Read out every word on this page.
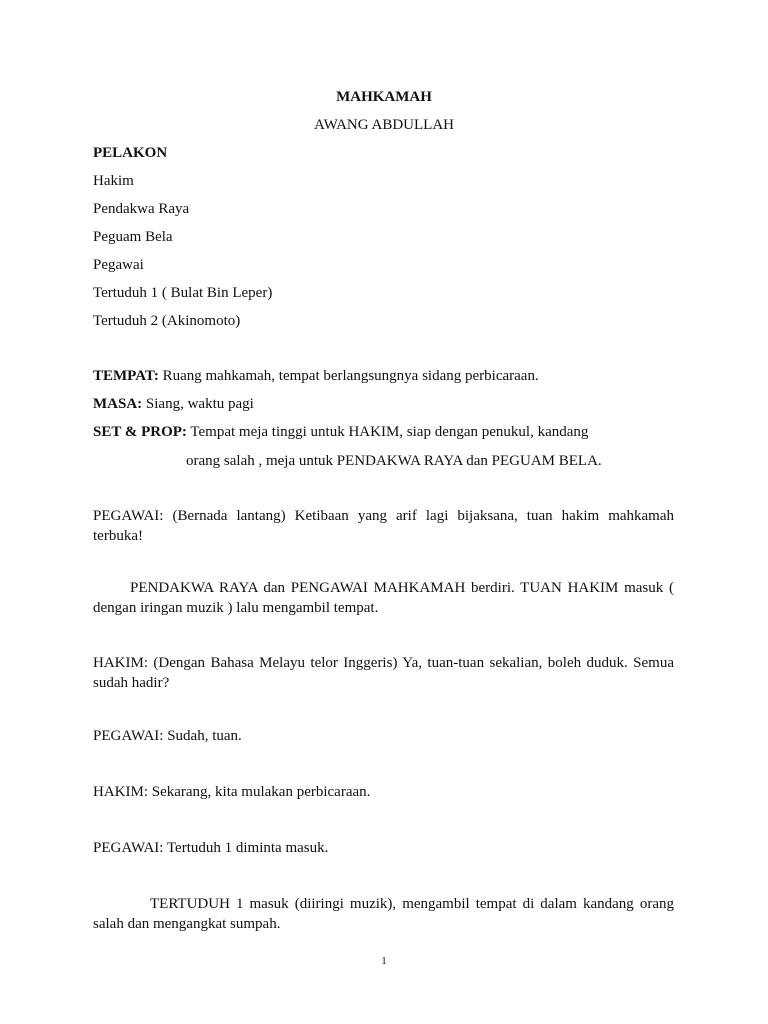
MAHKAMAH
AWANG ABDULLAH
PELAKON
Hakim
Pendakwa Raya
Peguam Bela
Pegawai
Tertuduh 1 ( Bulat Bin Leper)
Tertuduh 2 (Akinomoto)
TEMPAT: Ruang mahkamah, tempat berlangsungnya sidang perbicaraan.
MASA: Siang, waktu pagi
SET & PROP: Tempat meja tinggi untuk HAKIM, siap dengan penukul, kandang
orang salah , meja untuk PENDAKWA RAYA dan PEGUAM BELA.
PEGAWAI: (Bernada lantang) Ketibaan yang arif lagi bijaksana, tuan hakim mahkamah terbuka!
PENDAKWA RAYA dan PENGAWAI MAHKAMAH berdiri. TUAN HAKIM masuk ( dengan iringan muzik ) lalu mengambil tempat.
HAKIM: (Dengan Bahasa Melayu telor Inggeris) Ya, tuan-tuan sekalian, boleh duduk. Semua sudah hadir?
PEGAWAI: Sudah, tuan.
HAKIM: Sekarang, kita mulakan perbicaraan.
PEGAWAI: Tertuduh 1 diminta masuk.
TERTUDUH 1 masuk (diiringi muzik), mengambil tempat di dalam kandang orang salah dan mengangkat sumpah.
1
